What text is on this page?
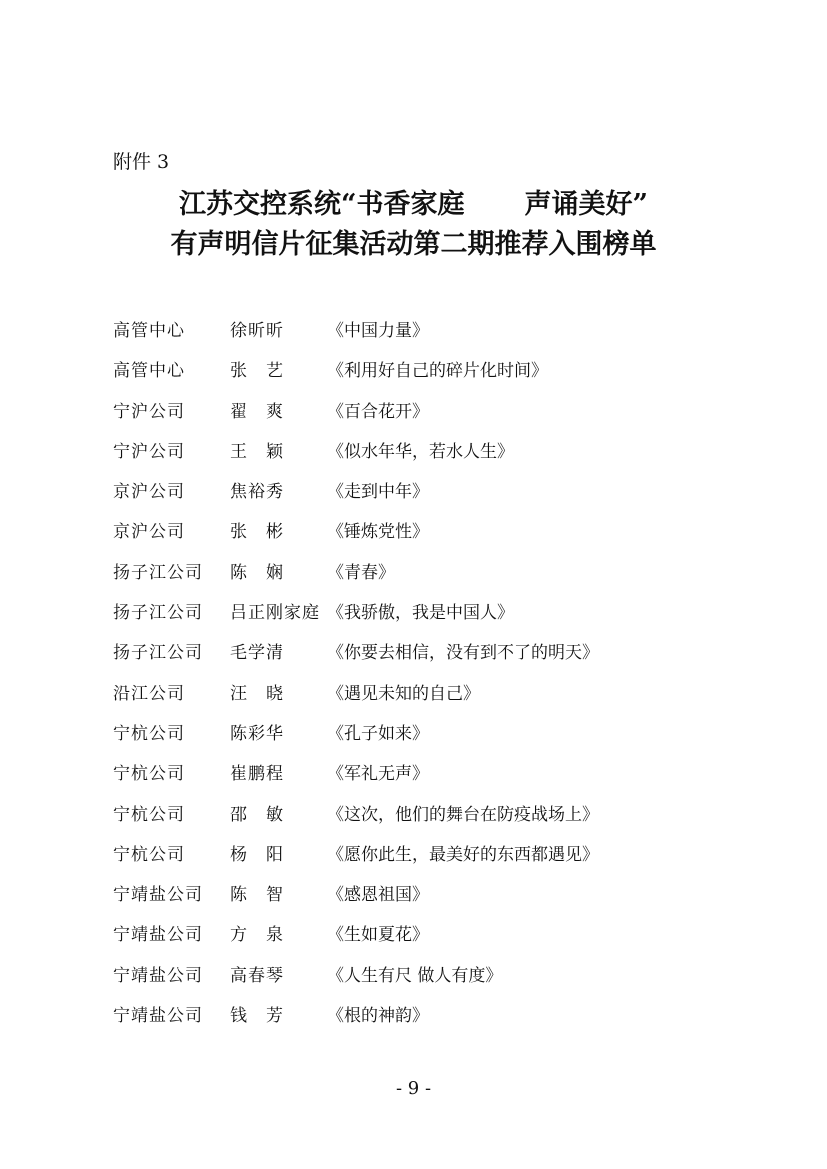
附件 3
江苏交控系统“书香家庭 声诵美好”
有声明信片征集活动第二期推荐入围榜单
高管中心	徐昕昕	《中国力量》
高管中心	张　艺	《利用好自己的碎片化时间》
宁沪公司	翟　爽	《百合花开》
宁沪公司	王　颖	《似水年华，若水人生》
京沪公司	焦裕秀	《走到中年》
京沪公司	张　彬	《锤炼党性》
扬子江公司 陈　娴	《青春》
扬子江公司 吕正刚家庭 《我骄傲，我是中国人》
扬子江公司 毛学清	《你要去相信，没有到不了的明天》
沿江公司	汪　晓	《遇见未知的自己》
宁杭公司	陈彩华	《孔子如来》
宁杭公司	崔鹏程	《军礼无声》
宁杭公司	邵　敏	《这次，他们的舞台在防疫战场上》
宁杭公司	杨　阳	《愿你此生，最美好的东西都遇见》
宁靖盐公司 陈　智	《感恩祖国》
宁靖盐公司 方　泉	《生如夏花》
宁靖盐公司 高春琴	《人生有尺 做人有度》
宁靖盐公司 钱　芳	《根的神韵》
- 9 -
